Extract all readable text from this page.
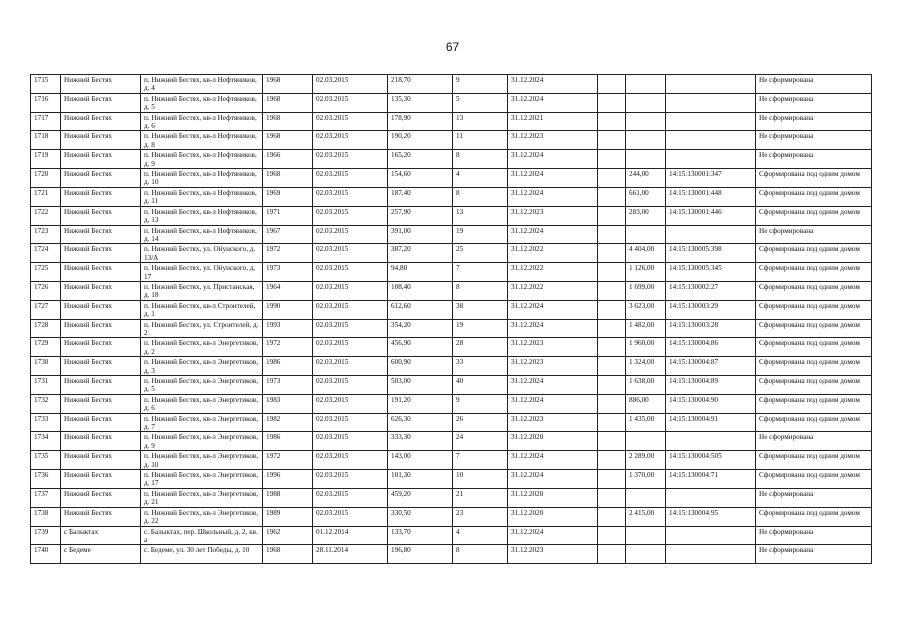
67
1715	Нижний Бестях	п. Нижний Бестях, кв-л Нефтяников, д. 4	1968	02.03.2015	218,70	9	31.12.2024				Не сформирована
1716	Нижний Бестях	п. Нижний Бестях, кв-л Нефтяников, д. 5	1968	02.03.2015	135,30	5	31.12.2024				Не сформирована
1717	Нижний Бестях	п. Нижний Бестях, кв-л Нефтяников, д. 6	1968	02.03.2015	178,90	13	31.12.2021				Не сформирована
1718	Нижний Бестях	п. Нижний Бестях, кв-л Нефтяников, д. 8	1968	02.03.2015	190,20	11	31.12.2023				Не сформирована
1719	Нижний Бестях	п. Нижний Бестях, кв-л Нефтяников, д. 9	1966	02.03.2015	165,20	8	31.12.2024				Не сформирована
1720	Нижний Бестях	п. Нижний Бестях, кв-л Нефтяников, д. 10	1968	02.03.2015	154,60	4	31.12.2024		244,00	14:15:130001:347	Сформирована под одним домом
1721	Нижний Бестях	п. Нижний Бестях, кв-л Нефтяников, д. 11	1969	02.03.2015	187,40	8	31.12.2024		661,00	14:15:130001:448	Сформирована под одним домом
1722	Нижний Бестях	п. Нижний Бестях, кв-л Нефтяников, д. 13	1971	02.03.2015	257,90	13	31.12.2023		283,00	14:15:130001:446	Сформирована под одним домом
1723	Нижний Бестях	п. Нижний Бестях, кв-л Нефтяников, д. 14	1967	02.03.2015	391,00	19	31.12.2024				Не сформирована
1724	Нижний Бестях	п. Нижний Бестях, ул. Ойунского, д. 13/А	1972	02.03.2015	387,20	25	31.12.2022		4 404,00	14:15:130005:398	Сформирована под одним домом
1725	Нижний Бестях	п. Нижний Бестях, ул. Ойунского, д. 17	1973	02.03.2015	94,80	7	31.12.2022		1 126,00	14:15:130005:345	Сформирована под одним домом
1726	Нижний Бестях	п. Нижний Бестях, ул. Пристанская, д. 18	1964	02.03.2015	108,40	8	31.12.2022		1 699,00	14:15:130002:27	Сформирована под одним домом
1727	Нижний Бестях	п. Нижний Бестях, кв-л Строителей, д. 1	1990	02.03.2015	612,60	38	31.12.2024		3 623,00	14:15:130003:29	Сформирована под одним домом
1728	Нижний Бестях	п. Нижний Бестях, ул. Строителей, д. 2	1993	02.03.2015	354,20	19	31.12.2024		1 482,00	14:15:130003:28	Сформирована под одним домом
1729	Нижний Бестях	п. Нижний Бестях, кв-л Энергетиков, д. 2	1972	02.03.2015	456,90	28	31.12.2023		1 960,00	14:15:130004:86	Сформирована под одним домом
1730	Нижний Бестях	п. Нижний Бестях, кв-л Энергетиков, д. 3	1986	02.03.2015	600,90	33	31.12.2023		1 324,00	14:15:130004:87	Сформирована под одним домом
1731	Нижний Бестях	п. Нижний Бестях, кв-л Энергетиков, д. 5	1973	02.03.2015	503,00	40	31.12.2024		1 638,00	14:15:130004:89	Сформирована под одним домом
1732	Нижний Бестях	п. Нижний Бестях, кв-л Энергетиков, д. 6	1983	02.03.2015	191,20	9	31.12.2024		886,00	14:15:130004:90	Сформирована под одним домом
1733	Нижний Бестях	п. Нижний Бестях, кв-л Энергетиков, д. 7	1982	02.03.2015	626,30	26	31.12.2023		1 435,00	14:15:130004:91	Сформирована под одним домом
1734	Нижний Бестях	п. Нижний Бестях, кв-л Энергетиков, д. 9	1986	02.03.2015	333,30	24	31.12.2020				Не сформирована
1735	Нижний Бестях	п. Нижний Бестях, кв-л Энергетиков, д. 10	1972	02.03.2015	143,00	7	31.12.2024		2 289,00	14:15:130004:505	Сформирована под одним домом
1736	Нижний Бестях	п. Нижний Бестях, кв-л Энергетиков, д. 17	1996	02.03.2015	101,30	10	31.12.2024		1 370,00	14:15:130004:71	Сформирована под одним домом
1737	Нижний Бестях	п. Нижний Бестях, кв-л Энергетиков, д. 21	1988	02.03.2015	459,20	21	31.12.2020				Не сформирована
1738	Нижний Бестях	п. Нижний Бестях, кв-л Энергетиков, д. 22	1989	02.03.2015	330,50	23	31.12.2020		2 415,00	14:15:130004:95	Сформирована под одним домом
1739	с Балыктах	с. Балыктах, пер. Школьный, д. 2, кв. а	1962	01.12.2014	133,70	4	31.12.2024				Не сформирована
1740	с Бедеме	с. Бедеме, ул. 30 лет Победы, д. 10	1968	28.11.2014	196,80	8	31.12.2023				Не сформирована
